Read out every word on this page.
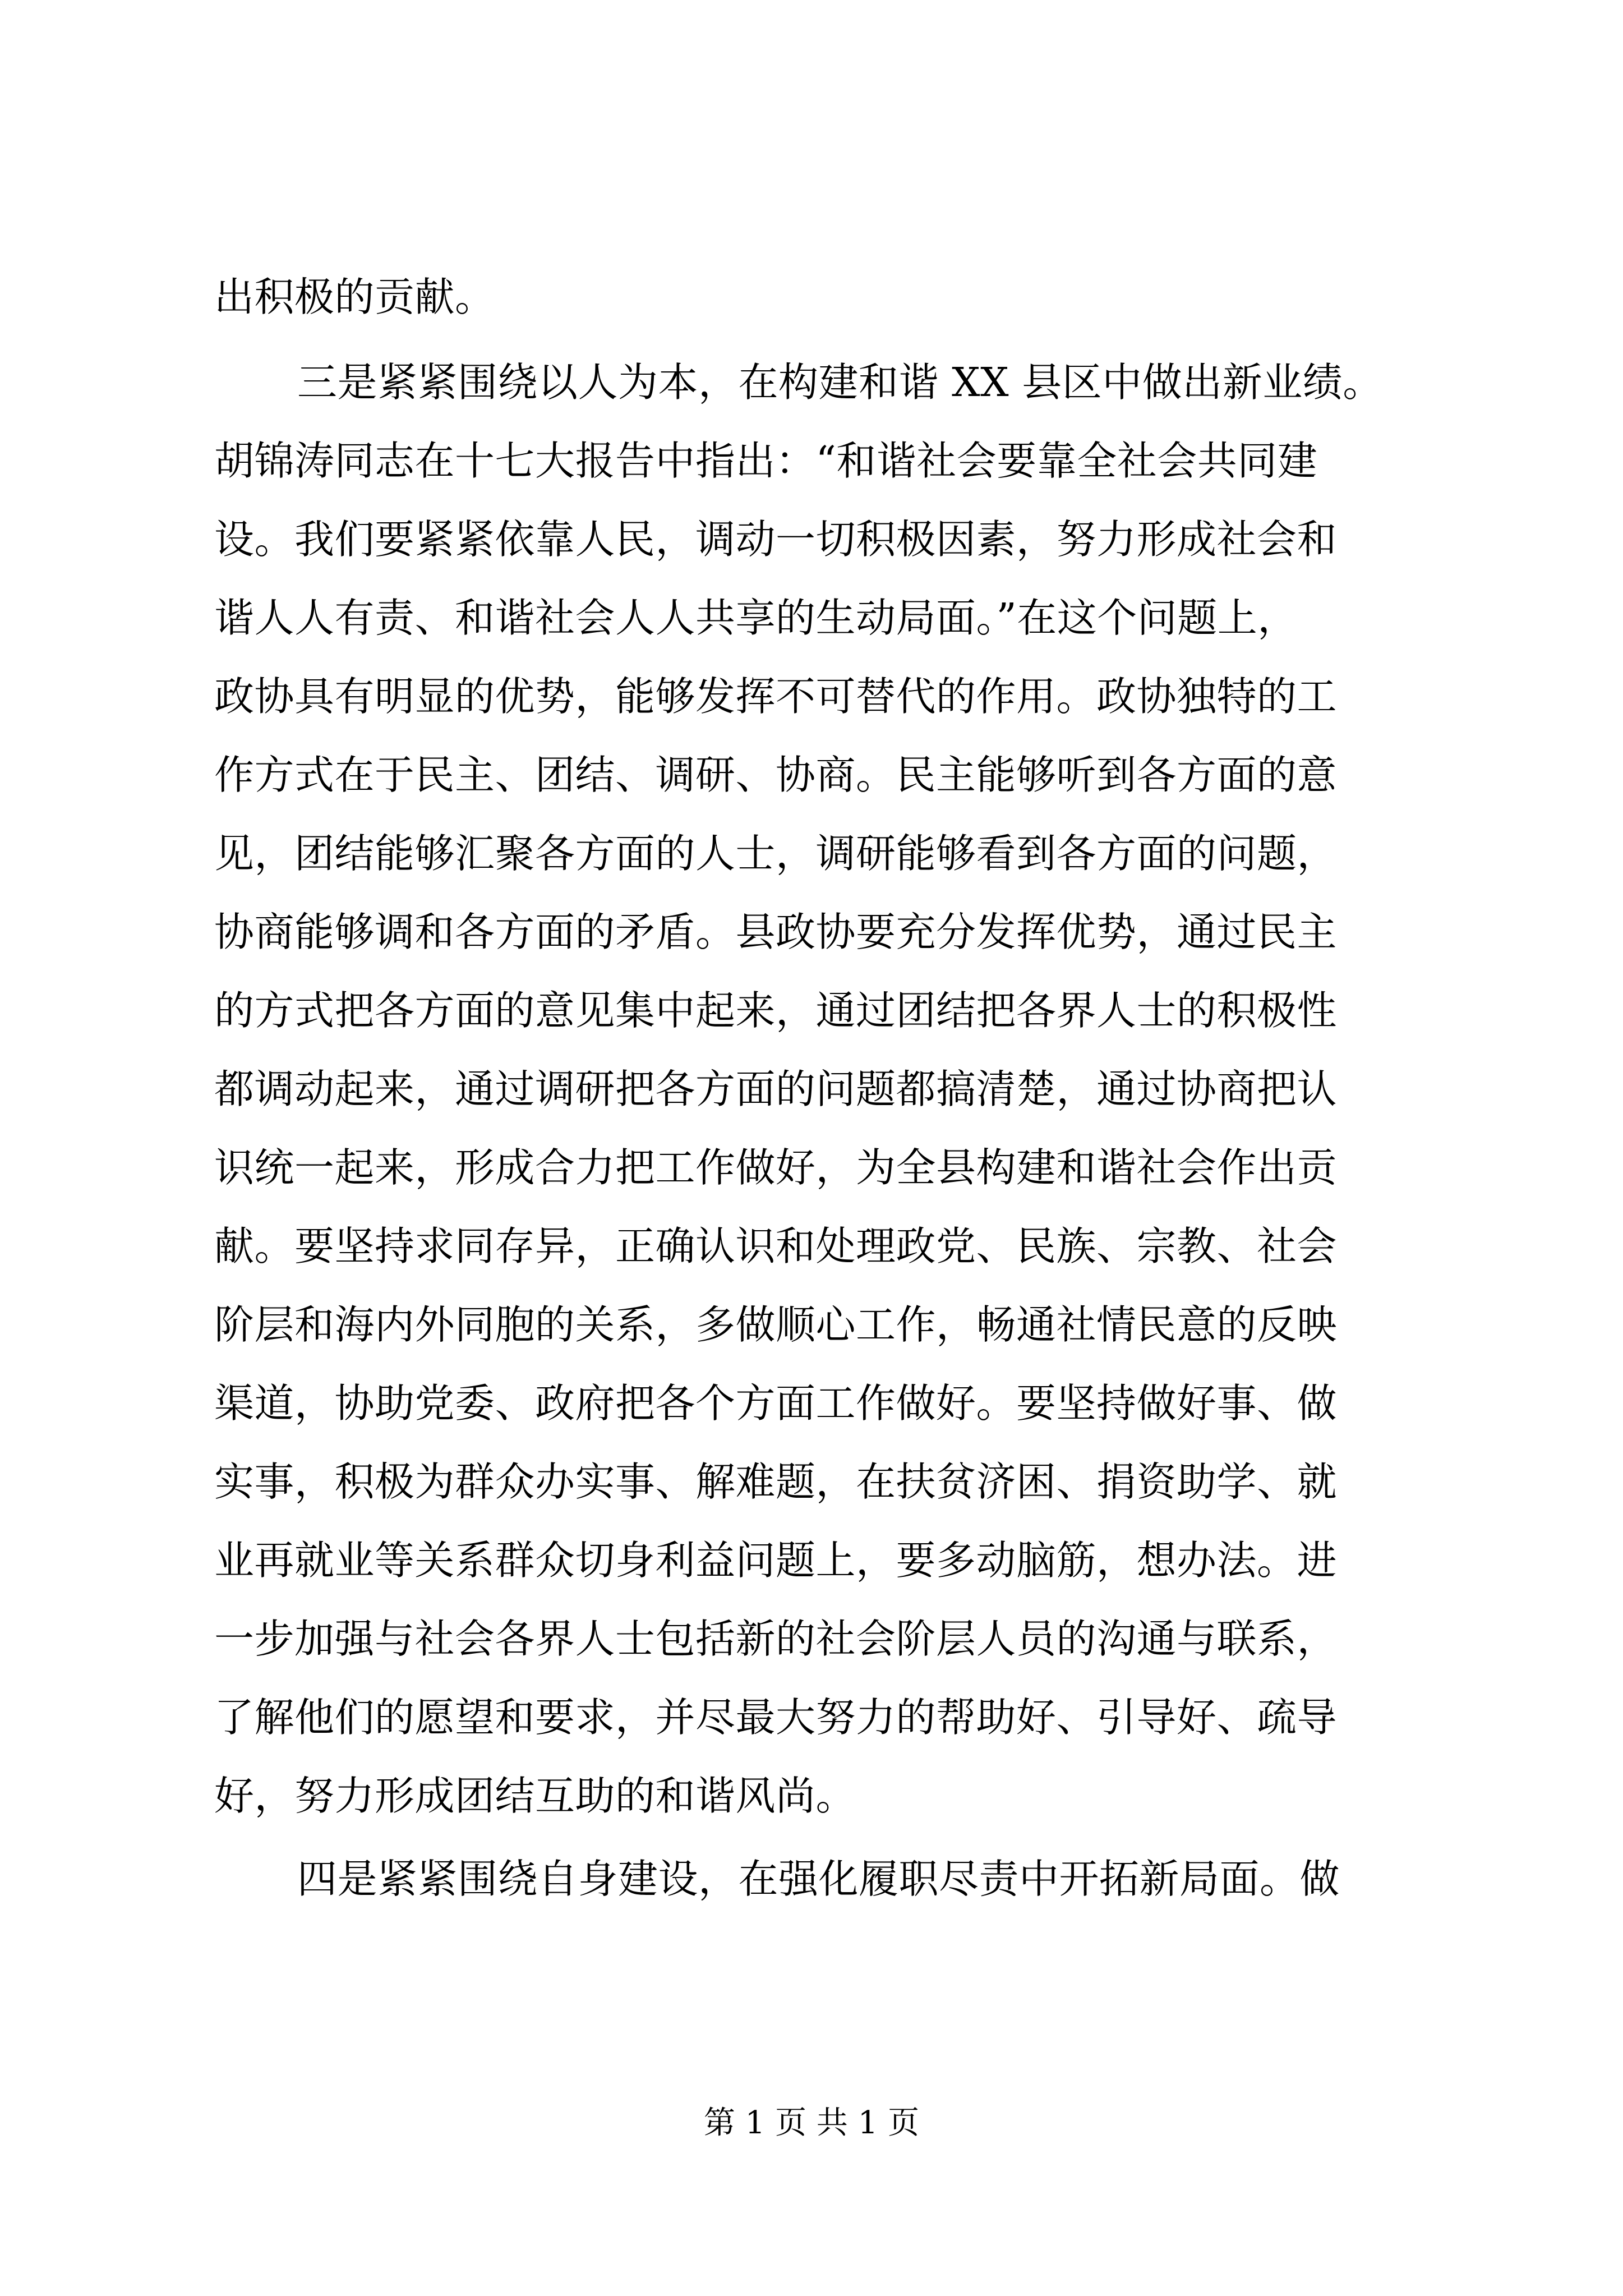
出积极的贡献。
三是紧紧围绕以人为本，在构建和谐 XX 县区中做出新业绩。
胡锦涛同志在十七大报告中指出：“和谐社会要靠全社会共同建
设。我们要紧紧依靠人民，调动一切积极因素，努力形成社会和
谐人人有责、和谐社会人人共享的生动局面。”在这个问题上，
政协具有明显的优势，能够发挥不可替代的作用。政协独特的工
作方式在于民主、团结、调研、协商。民主能够听到各方面的意
见，团结能够汇聚各方面的人士，调研能够看到各方面的问题，
协商能够调和各方面的矛盾。县政协要充分发挥优势，通过民主
的方式把各方面的意见集中起来，通过团结把各界人士的积极性
都调动起来，通过调研把各方面的问题都搞清楚，通过协商把认
识统一起来，形成合力把工作做好，为全县构建和谐社会作出贡
献。要坚持求同存异，正确认识和处理政党、民族、宗教、社会
阶层和海内外同胞的关系，多做顺心工作，畅通社情民意的反映
渠道，协助党委、政府把各个方面工作做好。要坚持做好事、做
实事，积极为群众办实事、解难题，在扶贫济困、捐资助学、就
业再就业等关系群众切身利益问题上，要多动脑筋，想办法。进
一步加强与社会各界人士包括新的社会阶层人员的沟通与联系，
了解他们的愿望和要求，并尽最大努力的帮助好、引导好、疏导
好，努力形成团结互助的和谐风尚。
四是紧紧围绕自身建设，在强化履职尽责中开拓新局面。做
第 1 页 共 1 页
